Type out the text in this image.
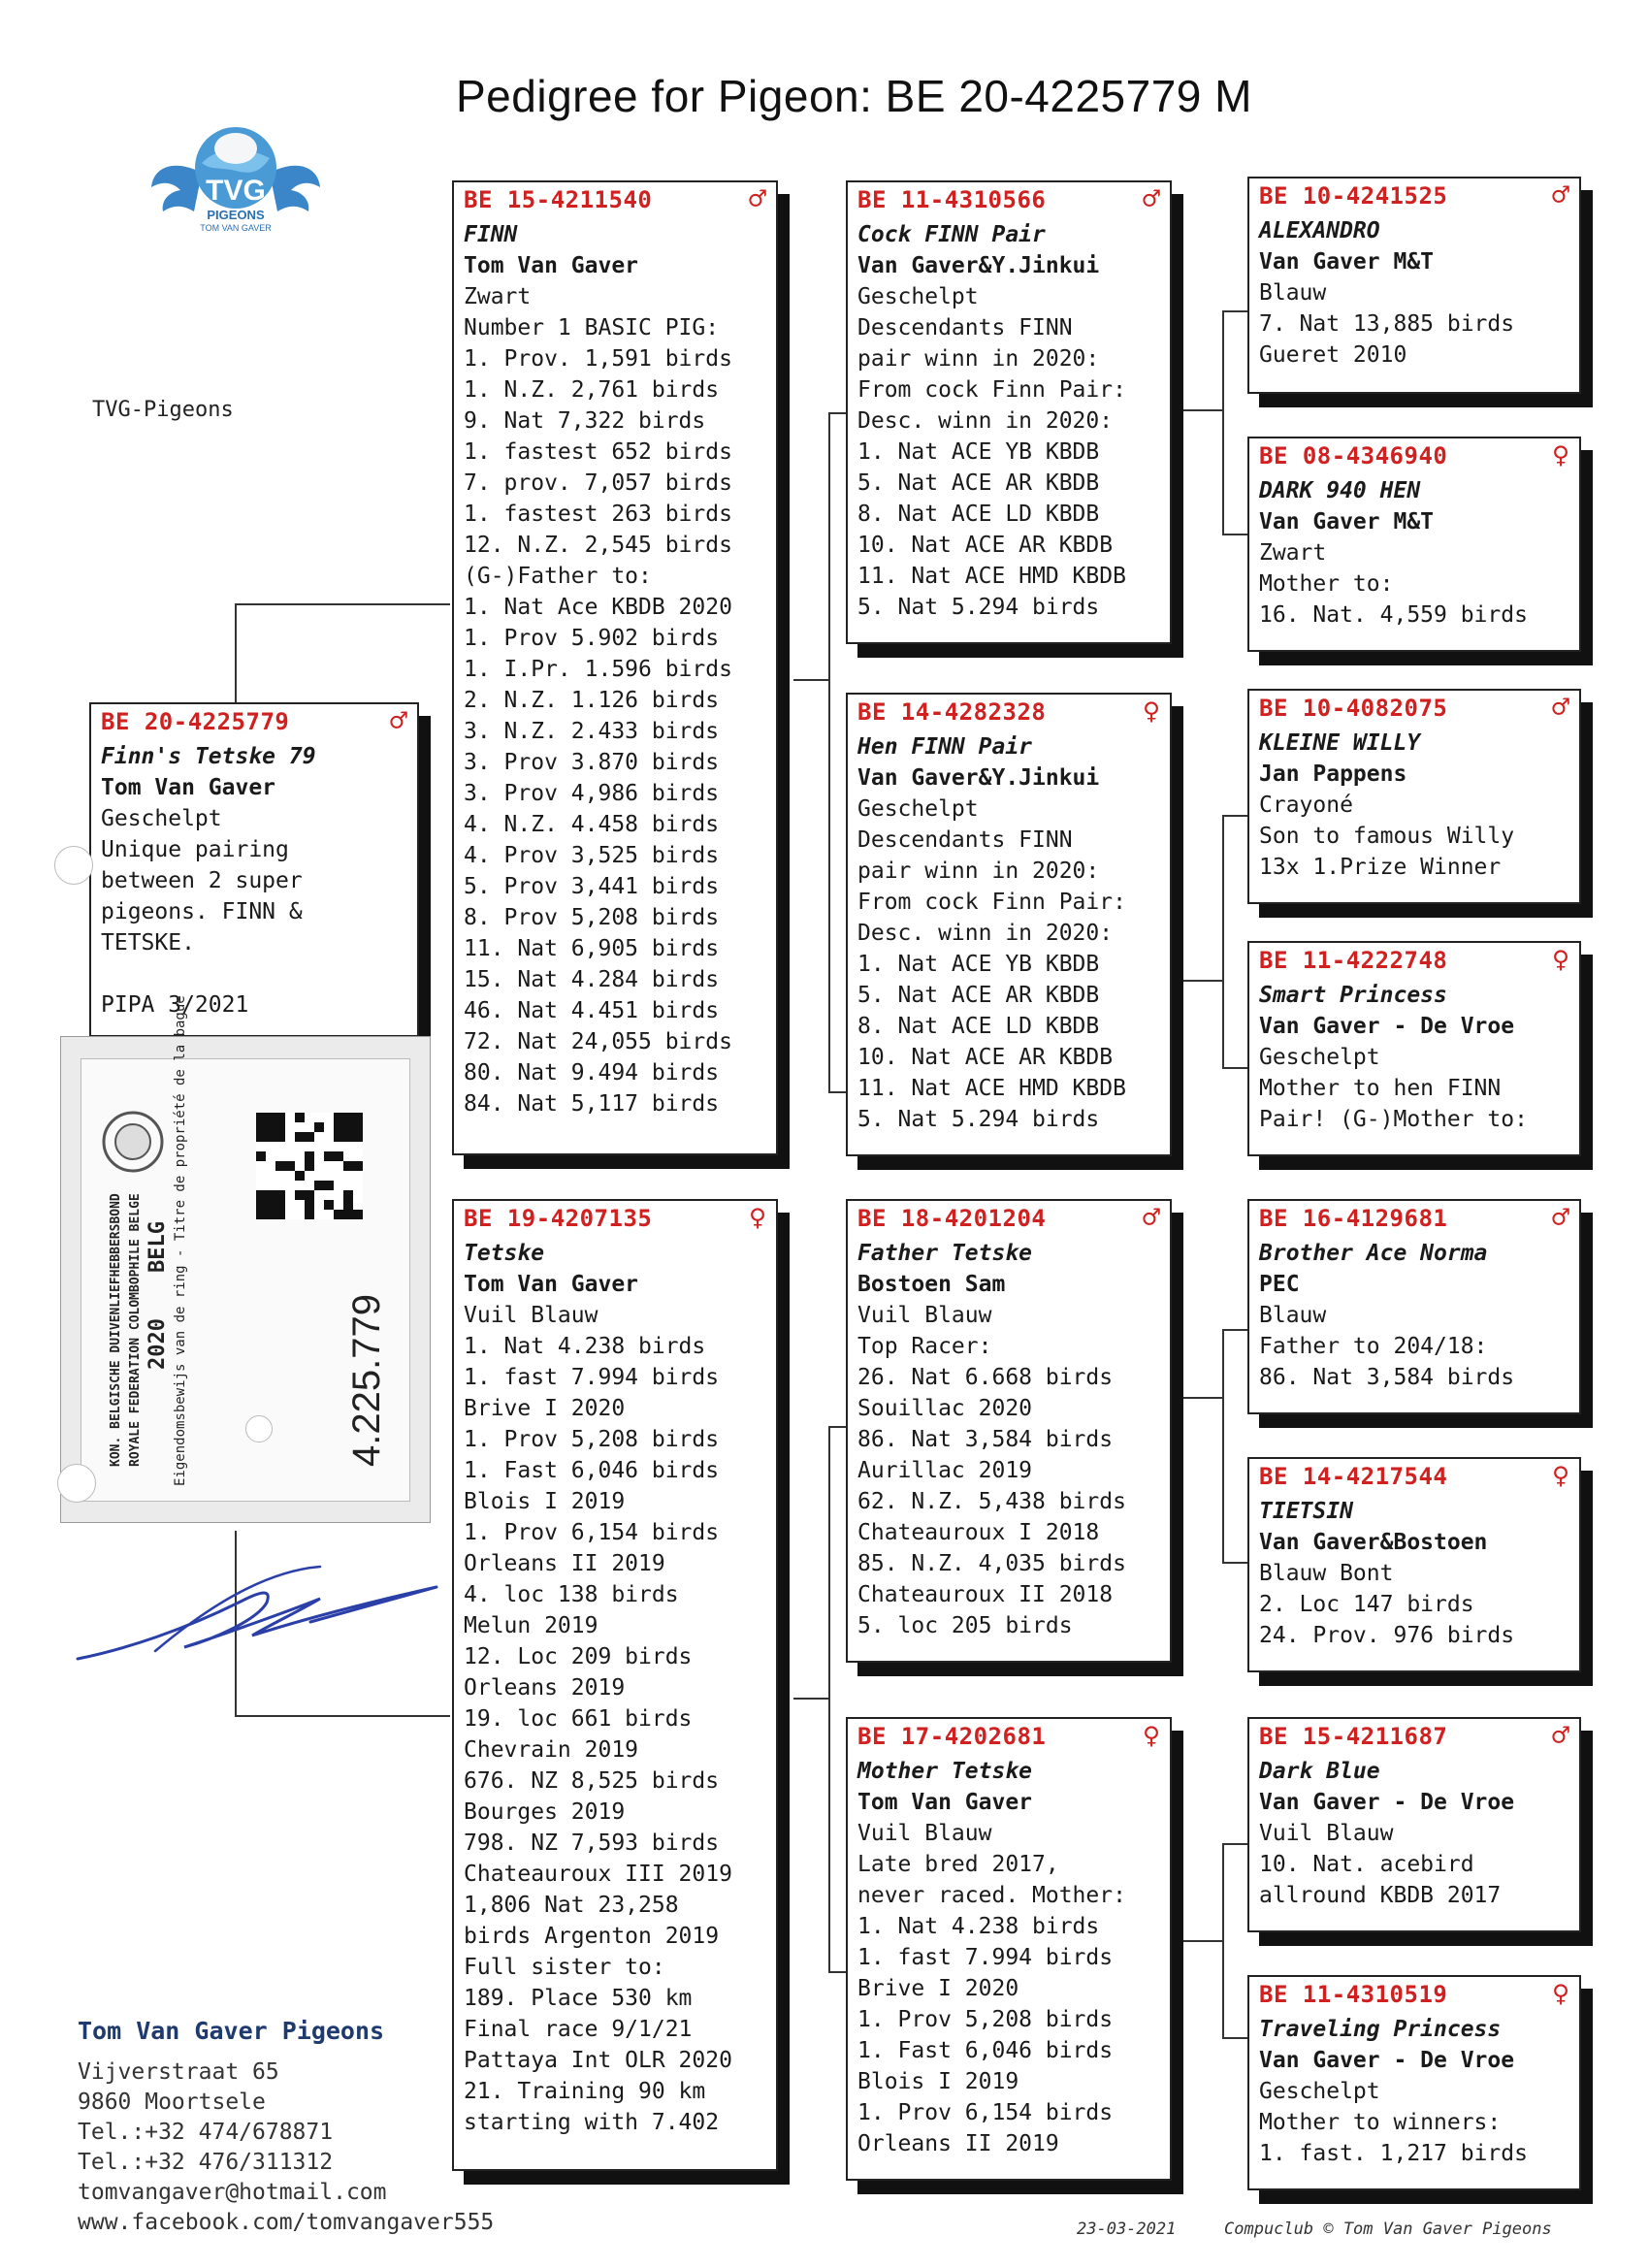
Pedigree for Pigeon: BE 20-4225779 M
TVG
PIGEONS
TOM VAN GAVER
TVG-Pigeons
BE 20-4225779	♂
Finn's Tetske 79
Tom Van Gaver
Geschelpt
Unique pairing
between 2 super
pigeons. FINN &
TETSKE.

PIPA 3/2021
BE 15-4211540	♂
FINN
Tom Van Gaver
Zwart
Number 1 BASIC PIG:
1. Prov. 1,591 birds
1. N.Z. 2,761 birds
9. Nat 7,322 birds
1. fastest 652 birds
7. prov. 7,057 birds
1. fastest 263 birds
12. N.Z. 2,545 birds
(G-)Father to:
1. Nat Ace KBDB 2020
1. Prov 5.902 birds
1. I.Pr. 1.596 birds
2. N.Z. 1.126 birds
3. N.Z. 2.433 birds
3. Prov 3.870 birds
3. Prov 4,986 birds
4. N.Z. 4.458 birds
4. Prov 3,525 birds
5. Prov 3,441 birds
8. Prov 5,208 birds
11. Nat 6,905 birds
15. Nat 4.284 birds
46. Nat 4.451 birds
72. Nat 24,055 birds
80. Nat 9.494 birds
84. Nat 5,117 birds
BE 19-4207135	♀
Tetske
Tom Van Gaver
Vuil Blauw
1. Nat 4.238 birds
1. fast 7.994 birds
Brive I 2020
1. Prov 5,208 birds
1. Fast 6,046 birds
Blois I 2019
1. Prov 6,154 birds
Orleans II 2019
4. loc 138 birds
Melun 2019
12. Loc 209 birds
Orleans 2019
19. loc 661 birds
Chevrain 2019
676. NZ 8,525 birds
Bourges 2019
798. NZ 7,593 birds
Chateauroux III 2019
1,806 Nat 23,258
birds Argenton 2019
Full sister to:
189. Place 530 km
Final race 9/1/21
Pattaya Int OLR 2020
21. Training 90 km
starting with 7.402
BE 11-4310566	♂
Cock FINN Pair
Van Gaver&Y.Jinkui
Geschelpt
Descendants FINN
pair winn in 2020:
From cock Finn Pair:
Desc. winn in 2020:
1. Nat ACE YB KBDB
5. Nat ACE AR KBDB
8. Nat ACE LD KBDB
10. Nat ACE AR KBDB
11. Nat ACE HMD KBDB
5. Nat 5.294 birds
BE 14-4282328	♀
Hen FINN Pair
Van Gaver&Y.Jinkui
Geschelpt
Descendants FINN
pair winn in 2020:
From cock Finn Pair:
Desc. winn in 2020:
1. Nat ACE YB KBDB
5. Nat ACE AR KBDB
8. Nat ACE LD KBDB
10. Nat ACE AR KBDB
11. Nat ACE HMD KBDB
5. Nat 5.294 birds
BE 18-4201204	♂
Father Tetske
Bostoen Sam
Vuil Blauw
Top Racer:
26. Nat 6.668 birds
Souillac 2020
86. Nat 3,584 birds
Aurillac 2019
62. N.Z. 5,438 birds
Chateauroux I 2018
85. N.Z. 4,035 birds
Chateauroux II 2018
5. loc 205 birds
BE 17-4202681	♀
Mother Tetske
Tom Van Gaver
Vuil Blauw
Late bred 2017,
never raced. Mother:
1. Nat 4.238 birds
1. fast 7.994 birds
Brive I 2020
1. Prov 5,208 birds
1. Fast 6,046 birds
Blois I 2019
1. Prov 6,154 birds
Orleans II 2019
BE 10-4241525	♂
ALEXANDRO
Van Gaver M&T
Blauw
7. Nat 13,885 birds
Gueret 2010
BE 08-4346940	♀
DARK 940 HEN
Van Gaver M&T
Zwart
Mother to:
16. Nat. 4,559 birds
BE 10-4082075	♂
KLEINE WILLY
Jan Pappens
Crayoné
Son to famous Willy
13x 1.Prize Winner
BE 11-4222748	♀
Smart Princess
Van Gaver - De Vroe
Geschelpt
Mother to hen FINN
Pair! (G-)Mother to:
BE 16-4129681	♂
Brother Ace Norma
PEC
Blauw
Father to 204/18:
86. Nat 3,584 birds
BE 14-4217544	♀
TIETSIN
Van Gaver&Bostoen
Blauw Bont
2. Loc 147 birds
24. Prov. 976 birds
BE 15-4211687	♂
Dark Blue
Van Gaver - De Vroe
Vuil Blauw
10. Nat. acebird
allround KBDB 2017
BE 11-4310519	♀
Traveling Princess
Van Gaver - De Vroe
Geschelpt
Mother to winners:
1. fast. 1,217 birds
KON. BELGISCHE DUIVENLIEFHEBBERSBOND ROYALE FEDERATION COLOMBOPHILE BELGE 2020
BELG Eigendomsbewijs van de ring - Titre de propriété de la bague	4.225.779
Tom Van Gaver Pigeons
Vijverstraat 65
9860 Moortsele
Tel.:+32 474/678871
Tel.:+32 476/311312
tomvangaver@hotmail.com
www.facebook.com/tomvangaver555	23-03-2021	Compuclub © Tom Van Gaver Pigeons
